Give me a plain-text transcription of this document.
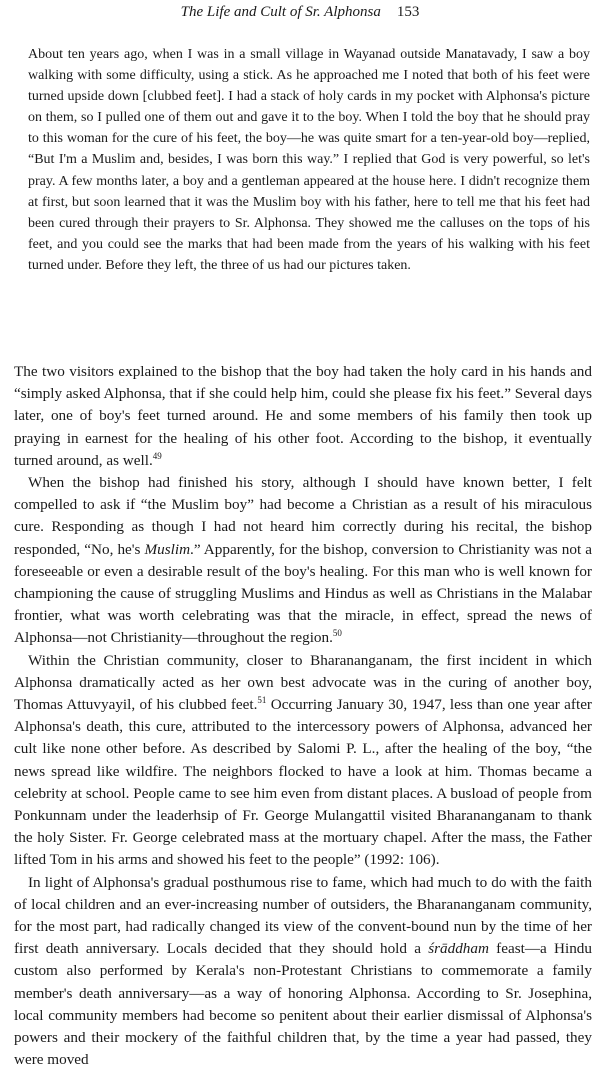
The Life and Cult of Sr. Alphonsa 153

About ten years ago, when I was in a small village in Wayanad outside Manatavady, I saw a boy walking with some difficulty, using a stick. As he approached me I noted that both of his feet were turned upside down [clubbed feet]. I had a stack of holy cards in my pocket with Alphonsa's picture on them, so I pulled one of them out and gave it to the boy. When I told the boy that he should pray to this woman for the cure of his feet, the boy—he was quite smart for a ten-year-old boy—replied, “But I'm a Muslim and, besides, I was born this way.” I replied that God is very powerful, so let's pray. A few months later, a boy and a gentleman appeared at the house here. I didn't recognize them at first, but soon learned that it was the Muslim boy with his father, here to tell me that his feet had been cured through their prayers to Sr. Alphonsa. They showed me the calluses on the tops of his feet, and you could see the marks that had been made from the years of his walking with his feet turned under. Before they left, the three of us had our pictures taken.

The two visitors explained to the bishop that the boy had taken the holy card in his hands and “simply asked Alphonsa, that if she could help him, could she please fix his feet.” Several days later, one of boy's feet turned around. He and some members of his family then took up praying in earnest for the healing of his other foot. According to the bishop, it eventually turned around, as well.$^{49}$

When the bishop had finished his story, although I should have known better, I felt compelled to ask if “the Muslim boy” had become a Christian as a result of his miraculous cure. Responding as though I had not heard him correctly during his recital, the bishop responded, “No, he's Muslim.” Apparently, for the bishop, conversion to Christianity was not a foreseeable or even a desirable result of the boy's healing. For this man who is well known for championing the cause of struggling Muslims and Hindus as well as Christians in the Malabar frontier, what was worth celebrating was that the miracle, in effect, spread the news of Alphonsa—not Christianity—throughout the region.$^{50}$

Within the Christian community, closer to Bharananganam, the first incident in which Alphonsa dramatically acted as her own best advocate was in the curing of another boy, Thomas Attuvyayil, of his clubbed feet.$^{51}$ Occurring January 30, 1947, less than one year after Alphonsa's death, this cure, attributed to the intercessory powers of Alphonsa, advanced her cult like none other before. As described by Salomi P. L., after the healing of the boy, “the news spread like wildfire. The neighbors flocked to have a look at him. Thomas became a celebrity at school. People came to see him even from distant places. A busload of people from Ponkunnam under the leaderhsip of Fr. George Mulangattil visited Bharananganam to thank the holy Sister. Fr. George celebrated mass at the mortuary chapel. After the mass, the Father lifted Tom in his arms and showed his feet to the people” (1992: 106).

In light of Alphonsa's gradual posthumous rise to fame, which had much to do with the faith of local children and an ever-increasing number of outsiders, the Bharananganam community, for the most part, had radically changed its view of the convent-bound nun by the time of her first death anniversary. Locals decided that they should hold a śrāddham feast—a Hindu custom also performed by Kerala's non-Protestant Christians to commemorate a family member's death anniversary—as a way of honoring Alphonsa. According to Sr. Josephina, local community members had become so penitent about their earlier dismissal of Alphonsa's powers and their mockery of the faithful children that, by the time a year had passed, they were moved
